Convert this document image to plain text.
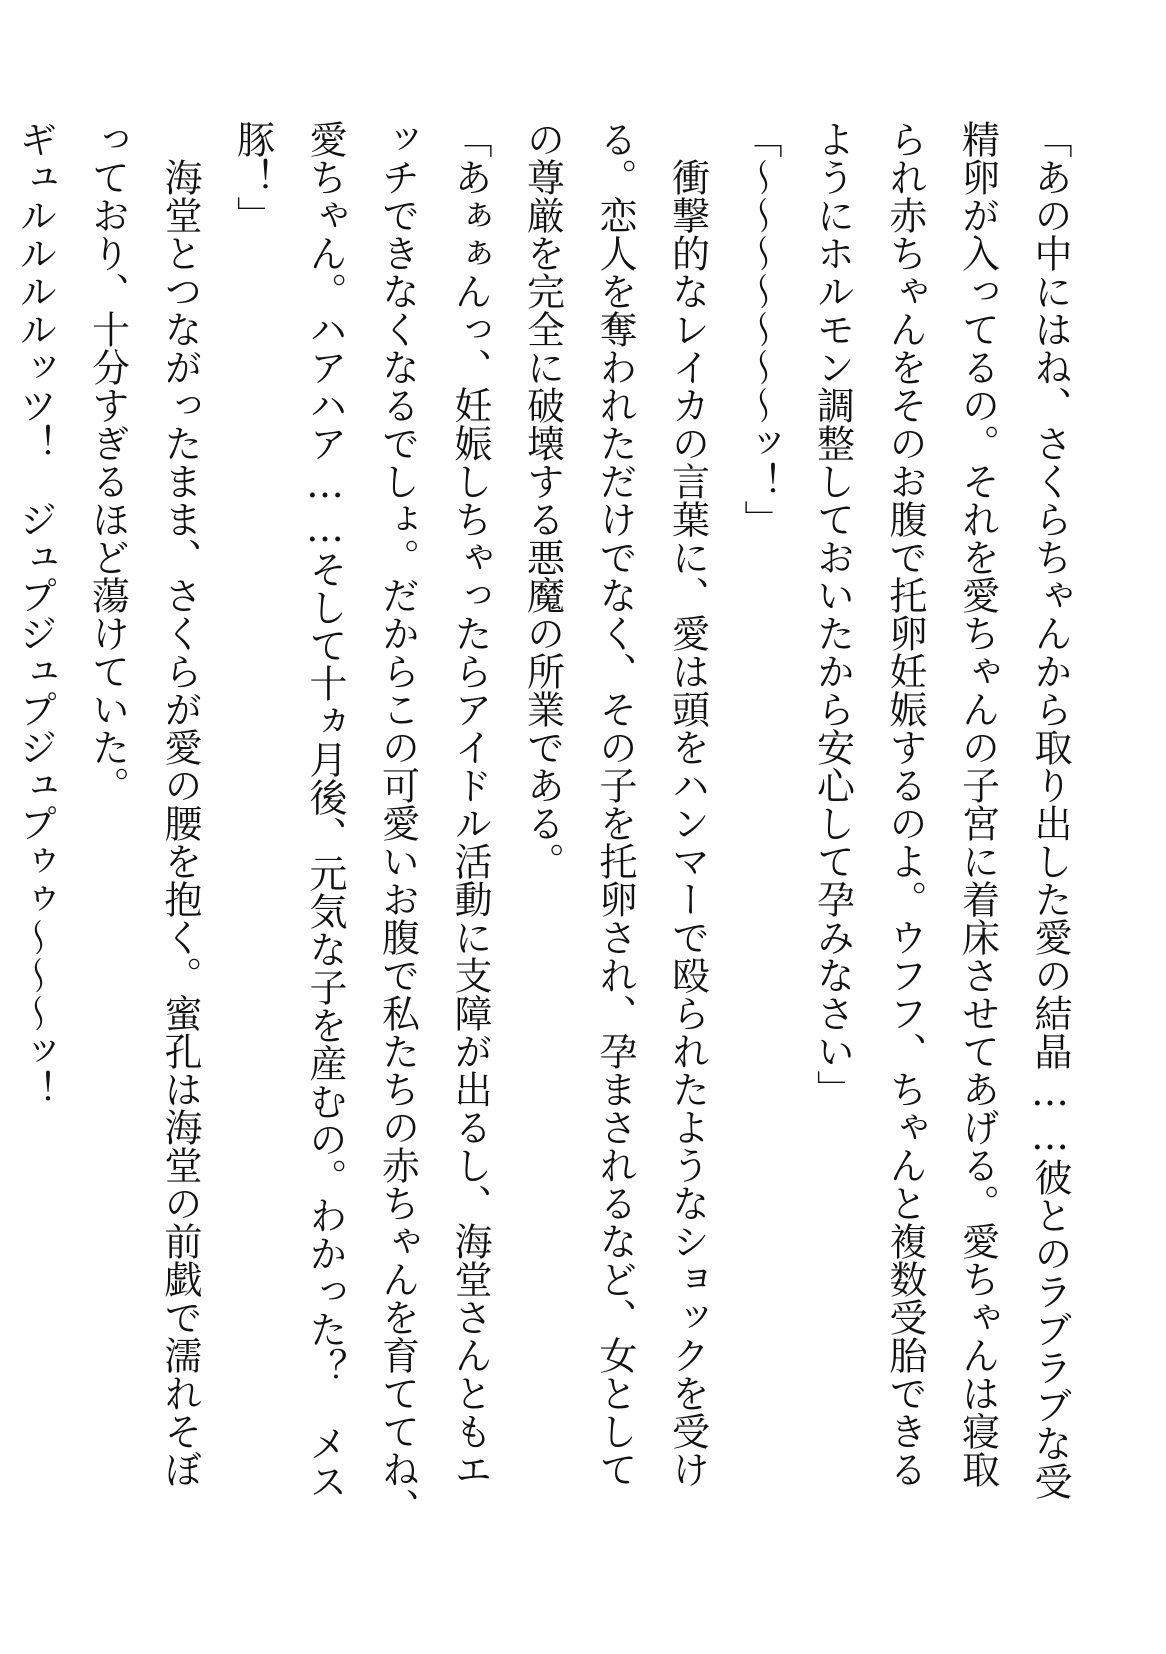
「あの中にはね、さくらちゃんから取り出した愛の結晶……彼とのラブラブな受
精卵が入ってるの。それを愛ちゃんの子宮に着床させてあげる。愛ちゃんは寝取
られ赤ちゃんをそのお腹で托卵妊娠するのよ。ウフフ、ちゃんと複数受胎できる
ようにホルモン調整しておいたから安心して孕みなさい」
「〜〜〜〜〜〜〜ッ！」
　衝撃的なレイカの言葉に、愛は頭をハンマーで殴られたようなショックを受け
る。恋人を奪われただけでなく、その子を托卵され、孕まされるなど、女として
の尊厳を完全に破壊する悪魔の所業である。
「あぁぁんっ、妊娠しちゃったらアイドル活動に支障が出るし、海堂さんともエ
ッチできなくなるでしょ。だからこの可愛いお腹で私たちの赤ちゃんを育ててね、
愛ちゃん。ハアハア……そして十ヵ月後、元気な子を産むの。わかった？　メス
豚！」
　海堂とつながったまま、さくらが愛の腰を抱く。蜜孔は海堂の前戯で濡れそぼ
っており、十分すぎるほど蕩けていた。
ギュルルルルッツ！　ジュプジュプジュプゥゥ〜〜〜ッ！
